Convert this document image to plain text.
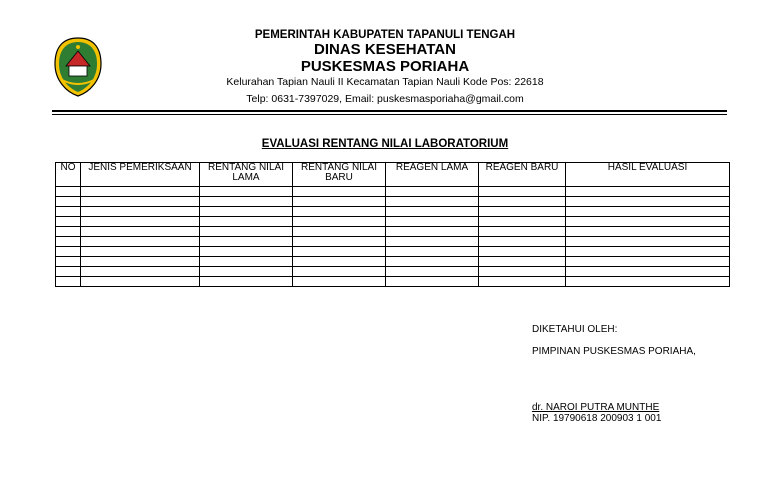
PEMERINTAH KABUPATEN TAPANULI TENGAH
DINAS KESEHATAN
PUSKESMAS PORIAHA
Kelurahan Tapian Nauli II Kecamatan Tapian Nauli Kode Pos: 22618
Telp: 0631-7397029, Email: puskesmasporiaha@gmail.com
EVALUASI RENTANG NILAI LABORATORIUM
NO	JENIS PEMERIKSAAN	RENTANG NILAI LAMA	RENTANG NILAI BARU	REAGEN LAMA	REAGEN BARU	HASIL EVALUASI

DIKETAHUI OLEH:
PIMPINAN PUSKESMAS PORIAHA,
dr. NAROI PUTRA MUNTHE
NIP. 19790618 200903 1 001
